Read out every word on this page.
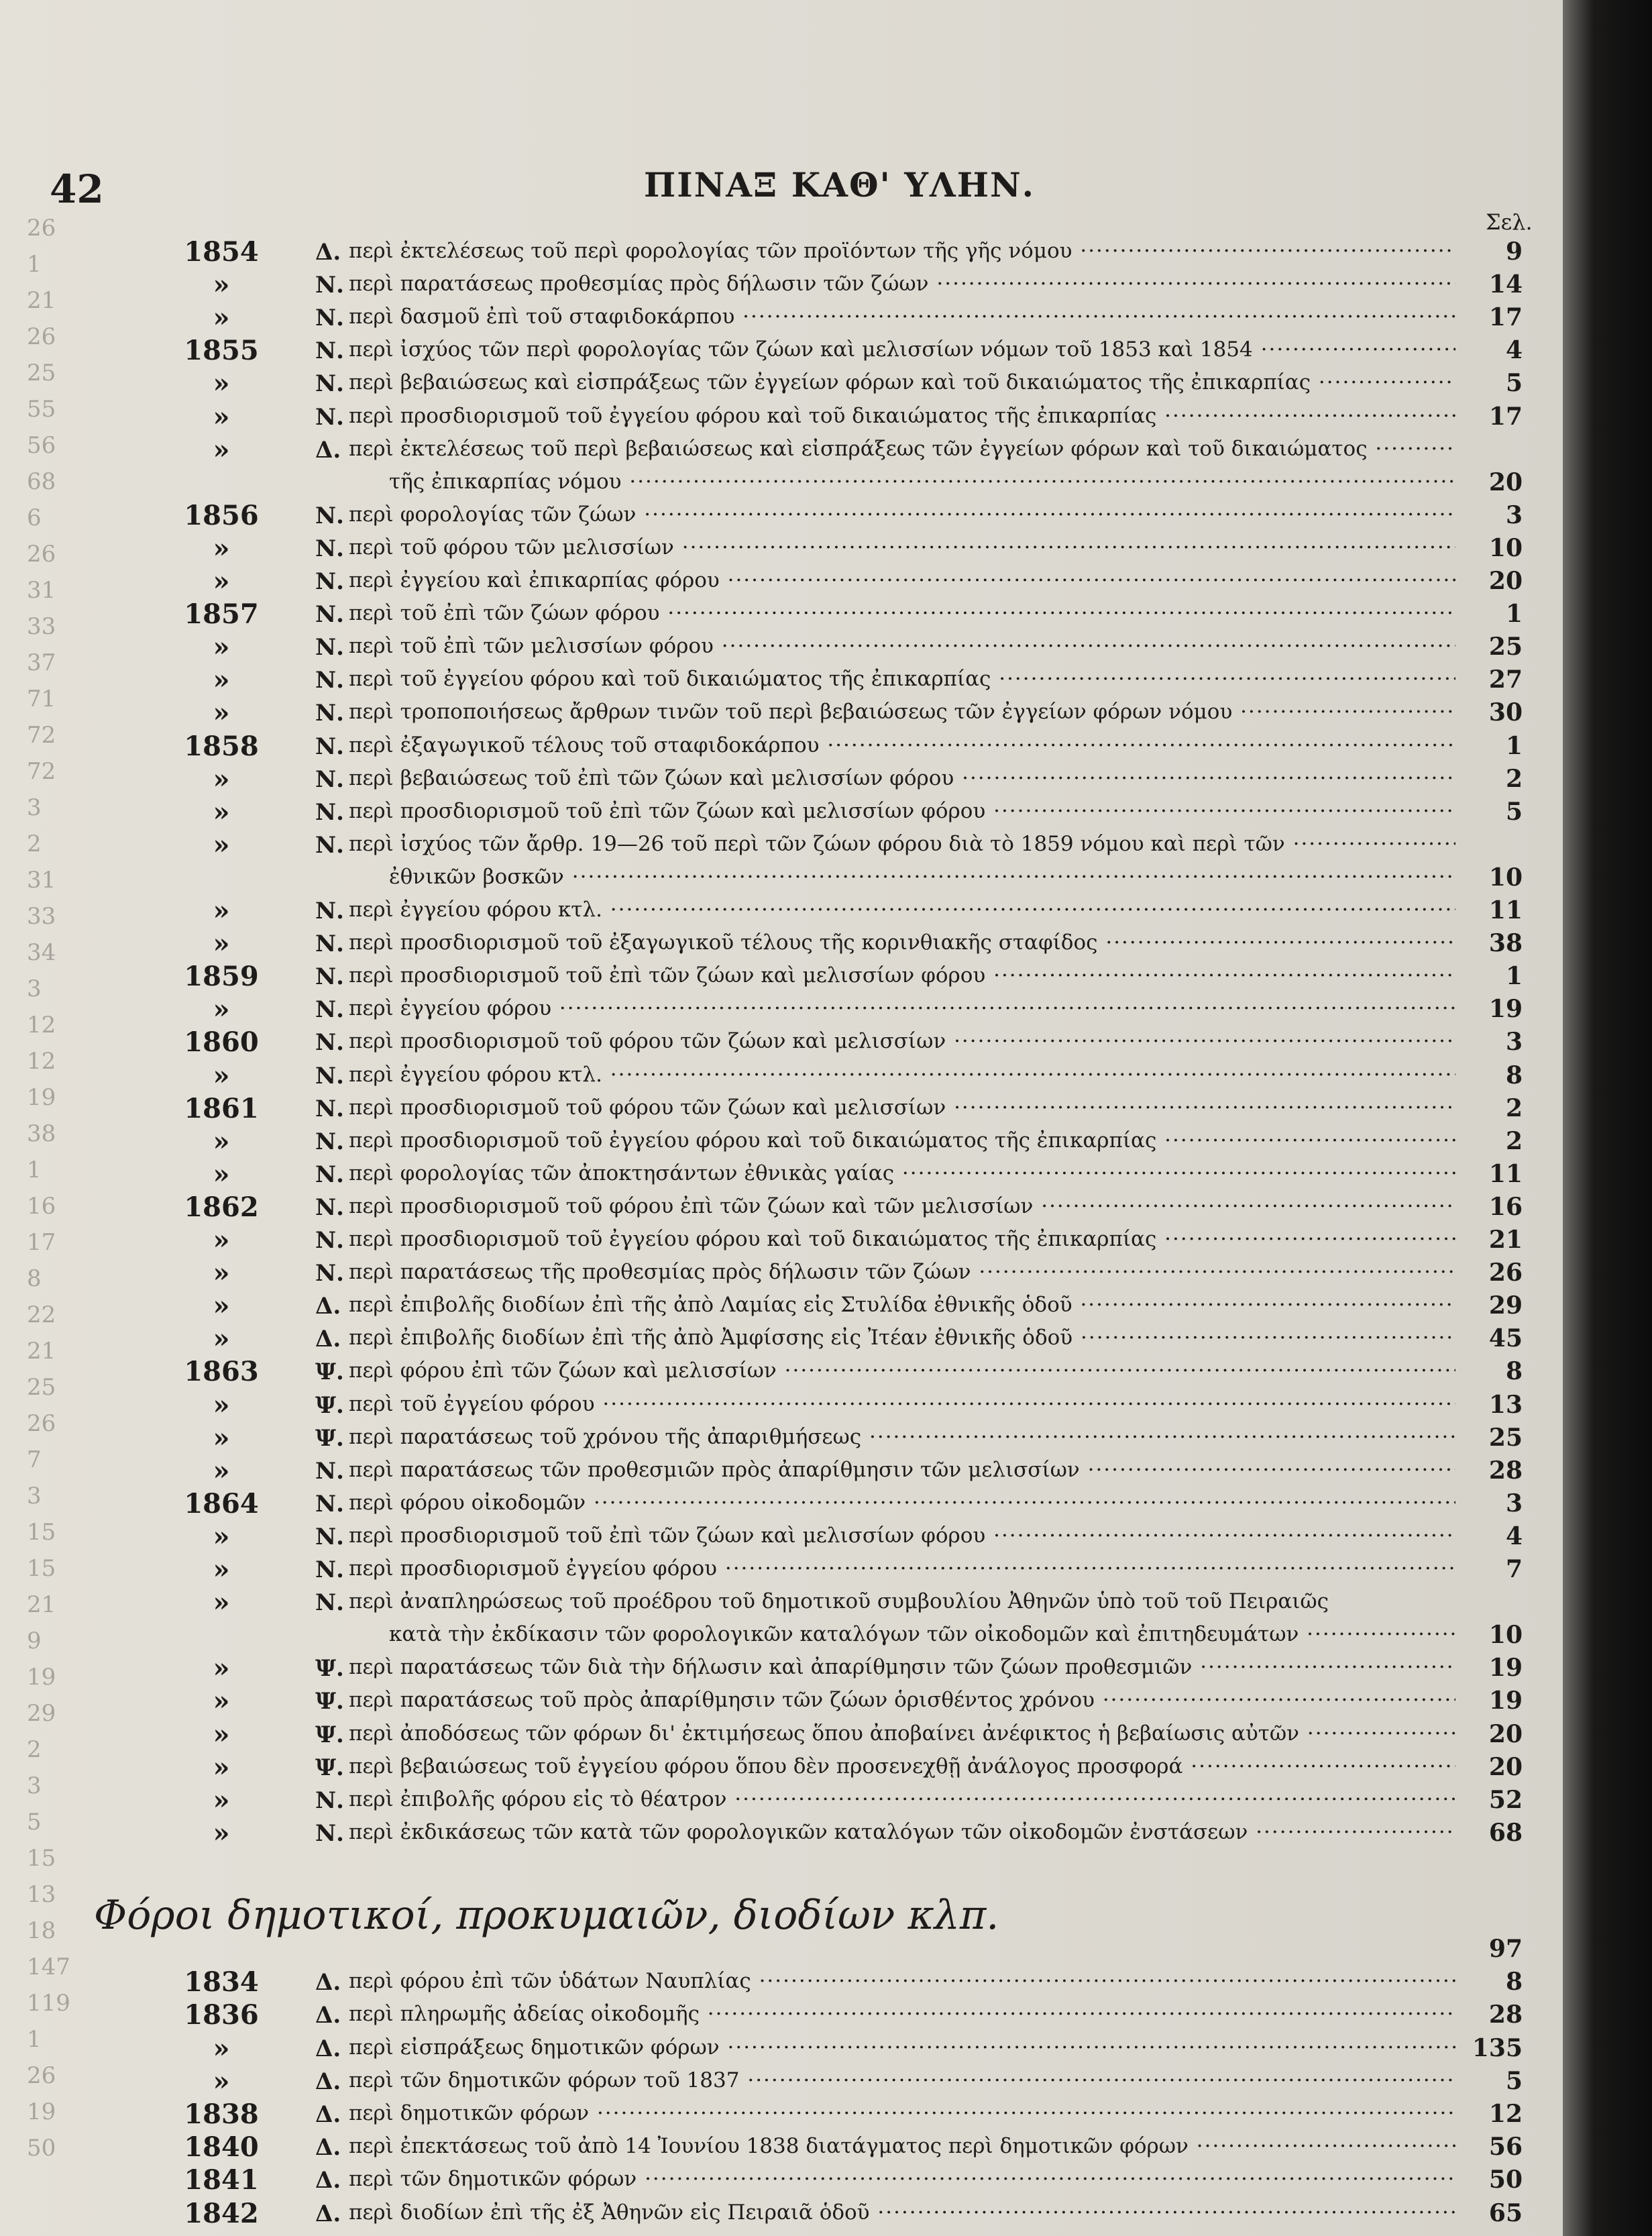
26
1
21
26
25
55
56
68
6
26
31
33
37
71
72
72
3
2
31
33
34
3
12
12
19
38
1
16
17
8
22
21
25
26
7
3
15
15
21
9
19
29
2
3
5
15
13
18
147
119
1
26
19
50
42	ΠΙΝΑΞ ΚΑΘ' ΥΛΗΝ.
Σελ.
1854	Δ. περὶ ἐκτελέσεως τοῦ περὶ φορολογίας τῶν προϊόντων τῆς γῆς νόμου ·····	9
»	Ν. περὶ παρατάσεως προθεσμίας πρὸς δήλωσιν τῶν ζώων ·····	14
»	Ν. περὶ δασμοῦ ἐπὶ τοῦ σταφιδοκάρπου ·····	17
1855	Ν. περὶ ἰσχύος τῶν περὶ φορολογίας τῶν ζώων καὶ μελισσίων νόμων τοῦ 1853 καὶ 1854 ·····	4
»	Ν. περὶ βεβαιώσεως καὶ εἰσπράξεως τῶν ἐγγείων φόρων καὶ τοῦ δικαιώματος τῆς ἐπικαρπίας ·····	5
»	Ν. περὶ προσδιορισμοῦ τοῦ ἐγγείου φόρου καὶ τοῦ δικαιώματος τῆς ἐπικαρπίας ·····	17
»	Δ. περὶ ἐκτελέσεως τοῦ περὶ βεβαιώσεως καὶ εἰσπράξεως τῶν ἐγγείων φόρων καὶ τοῦ δικαιώματος ·····
τῆς ἐπικαρπίας νόμου ·····	20
1856	Ν. περὶ φορολογίας τῶν ζώων ·····	3
»	Ν. περὶ τοῦ φόρου τῶν μελισσίων ·····	10
»	Ν. περὶ ἐγγείου καὶ ἐπικαρπίας φόρου ·····	20
1857	Ν. περὶ τοῦ ἐπὶ τῶν ζώων φόρου ·····	1
»	Ν. περὶ τοῦ ἐπὶ τῶν μελισσίων φόρου ·····	25
»	Ν. περὶ τοῦ ἐγγείου φόρου καὶ τοῦ δικαιώματος τῆς ἐπικαρπίας ·····	27
»	Ν. περὶ τροποποιήσεως ἄρθρων τινῶν τοῦ περὶ βεβαιώσεως τῶν ἐγγείων φόρων νόμου ·····	30
1858	Ν. περὶ ἐξαγωγικοῦ τέλους τοῦ σταφιδοκάρπου ·····	1
»	Ν. περὶ βεβαιώσεως τοῦ ἐπὶ τῶν ζώων καὶ μελισσίων φόρου ·····	2
»	Ν. περὶ προσδιορισμοῦ τοῦ ἐπὶ τῶν ζώων καὶ μελισσίων φόρου ·····	5
»	Ν. περὶ ἰσχύος τῶν ἄρθρ. 19—26 τοῦ περὶ τῶν ζώων φόρου διὰ τὸ 1859 νόμου καὶ περὶ τῶν ·····
ἐθνικῶν βοσκῶν ·····	10
»	Ν. περὶ ἐγγείου φόρου κτλ. ·····	11
»	Ν. περὶ προσδιορισμοῦ τοῦ ἐξαγωγικοῦ τέλους τῆς κορινθιακῆς σταφίδος ·····	38
1859	Ν. περὶ προσδιορισμοῦ τοῦ ἐπὶ τῶν ζώων καὶ μελισσίων φόρου ·····	1
»	Ν. περὶ ἐγγείου φόρου ·····	19
1860	Ν. περὶ προσδιορισμοῦ τοῦ φόρου τῶν ζώων καὶ μελισσίων ·····	3
»	Ν. περὶ ἐγγείου φόρου κτλ. ·····	8
1861	Ν. περὶ προσδιορισμοῦ τοῦ φόρου τῶν ζώων καὶ μελισσίων ·····	2
»	Ν. περὶ προσδιορισμοῦ τοῦ ἐγγείου φόρου καὶ τοῦ δικαιώματος τῆς ἐπικαρπίας ·····	2
»	Ν. περὶ φορολογίας τῶν ἀποκτησάντων ἐθνικὰς γαίας ·····	11
1862	Ν. περὶ προσδιορισμοῦ τοῦ φόρου ἐπὶ τῶν ζώων καὶ τῶν μελισσίων ·····	16
»	Ν. περὶ προσδιορισμοῦ τοῦ ἐγγείου φόρου καὶ τοῦ δικαιώματος τῆς ἐπικαρπίας ·····	21
»	Ν. περὶ παρατάσεως τῆς προθεσμίας πρὸς δήλωσιν τῶν ζώων ·····	26
»	Δ. περὶ ἐπιβολῆς διοδίων ἐπὶ τῆς ἀπὸ Λαμίας εἰς Στυλίδα ἐθνικῆς ὁδοῦ ·····	29
»	Δ. περὶ ἐπιβολῆς διοδίων ἐπὶ τῆς ἀπὸ Ἀμφίσσης εἰς Ἰτέαν ἐθνικῆς ὁδοῦ ·····	45
1863	Ψ. περὶ φόρου ἐπὶ τῶν ζώων καὶ μελισσίων ·····	8
»	Ψ. περὶ τοῦ ἐγγείου φόρου ·····	13
»	Ψ. περὶ παρατάσεως τοῦ χρόνου τῆς ἀπαριθμήσεως ·····	25
»	Ν. περὶ παρατάσεως τῶν προθεσμιῶν πρὸς ἀπαρίθμησιν τῶν μελισσίων ·····	28
1864	Ν. περὶ φόρου οἰκοδομῶν ·····	3
»	Ν. περὶ προσδιορισμοῦ τοῦ ἐπὶ τῶν ζώων καὶ μελισσίων φόρου ·····	4
»	Ν. περὶ προσδιορισμοῦ ἐγγείου φόρου ·····	7
»	Ν. περὶ ἀναπληρώσεως τοῦ προέδρου τοῦ δημοτικοῦ συμβουλίου Ἀθηνῶν ὑπὸ τοῦ τοῦ Πειραιῶς
κατὰ τὴν ἐκδίκασιν τῶν φορολογικῶν καταλόγων τῶν οἰκοδομῶν καὶ ἐπιτηδευμάτων ·····	10
»	Ψ. περὶ παρατάσεως τῶν διὰ τὴν δήλωσιν καὶ ἀπαρίθμησιν τῶν ζώων προθεσμιῶν ·····	19
»	Ψ. περὶ παρατάσεως τοῦ πρὸς ἀπαρίθμησιν τῶν ζώων ὁρισθέντος χρόνου ·····	19
»	Ψ. περὶ ἀποδόσεως τῶν φόρων δι' ἐκτιμήσεως ὅπου ἀποβαίνει ἀνέφικτος ἡ βεβαίωσις αὐτῶν ·····	20
»	Ψ. περὶ βεβαιώσεως τοῦ ἐγγείου φόρου ὅπου δὲν προσενεχθῇ ἀνάλογος προσφορά ·····	20
»	Ν. περὶ ἐπιβολῆς φόρου εἰς τὸ θέατρον ·····	52
»	Ν. περὶ ἐκδικάσεως τῶν κατὰ τῶν φορολογικῶν καταλόγων τῶν οἰκοδομῶν ἐνστάσεων ·····	68
Φόροι δημοτικοί, προκυμαιῶν, διοδίων κλπ.
97
1834	Δ. περὶ φόρου ἐπὶ τῶν ὑδάτων Ναυπλίας ·····	8
1836	Δ. περὶ πληρωμῆς ἀδείας οἰκοδομῆς ·····	28
»	Δ. περὶ εἰσπράξεως δημοτικῶν φόρων ·····	135
»	Δ. περὶ τῶν δημοτικῶν φόρων τοῦ 1837 ·····	5
1838	Δ. περὶ δημοτικῶν φόρων ·····	12
1840	Δ. περὶ ἐπεκτάσεως τοῦ ἀπὸ 14 Ἰουνίου 1838 διατάγματος περὶ δημοτικῶν φόρων ·····	56
1841	Δ. περὶ τῶν δημοτικῶν φόρων ·····	50
1842	Δ. περὶ διοδίων ἐπὶ τῆς ἐξ Ἀθηνῶν εἰς Πειραιᾶ ὁδοῦ ·····	65
